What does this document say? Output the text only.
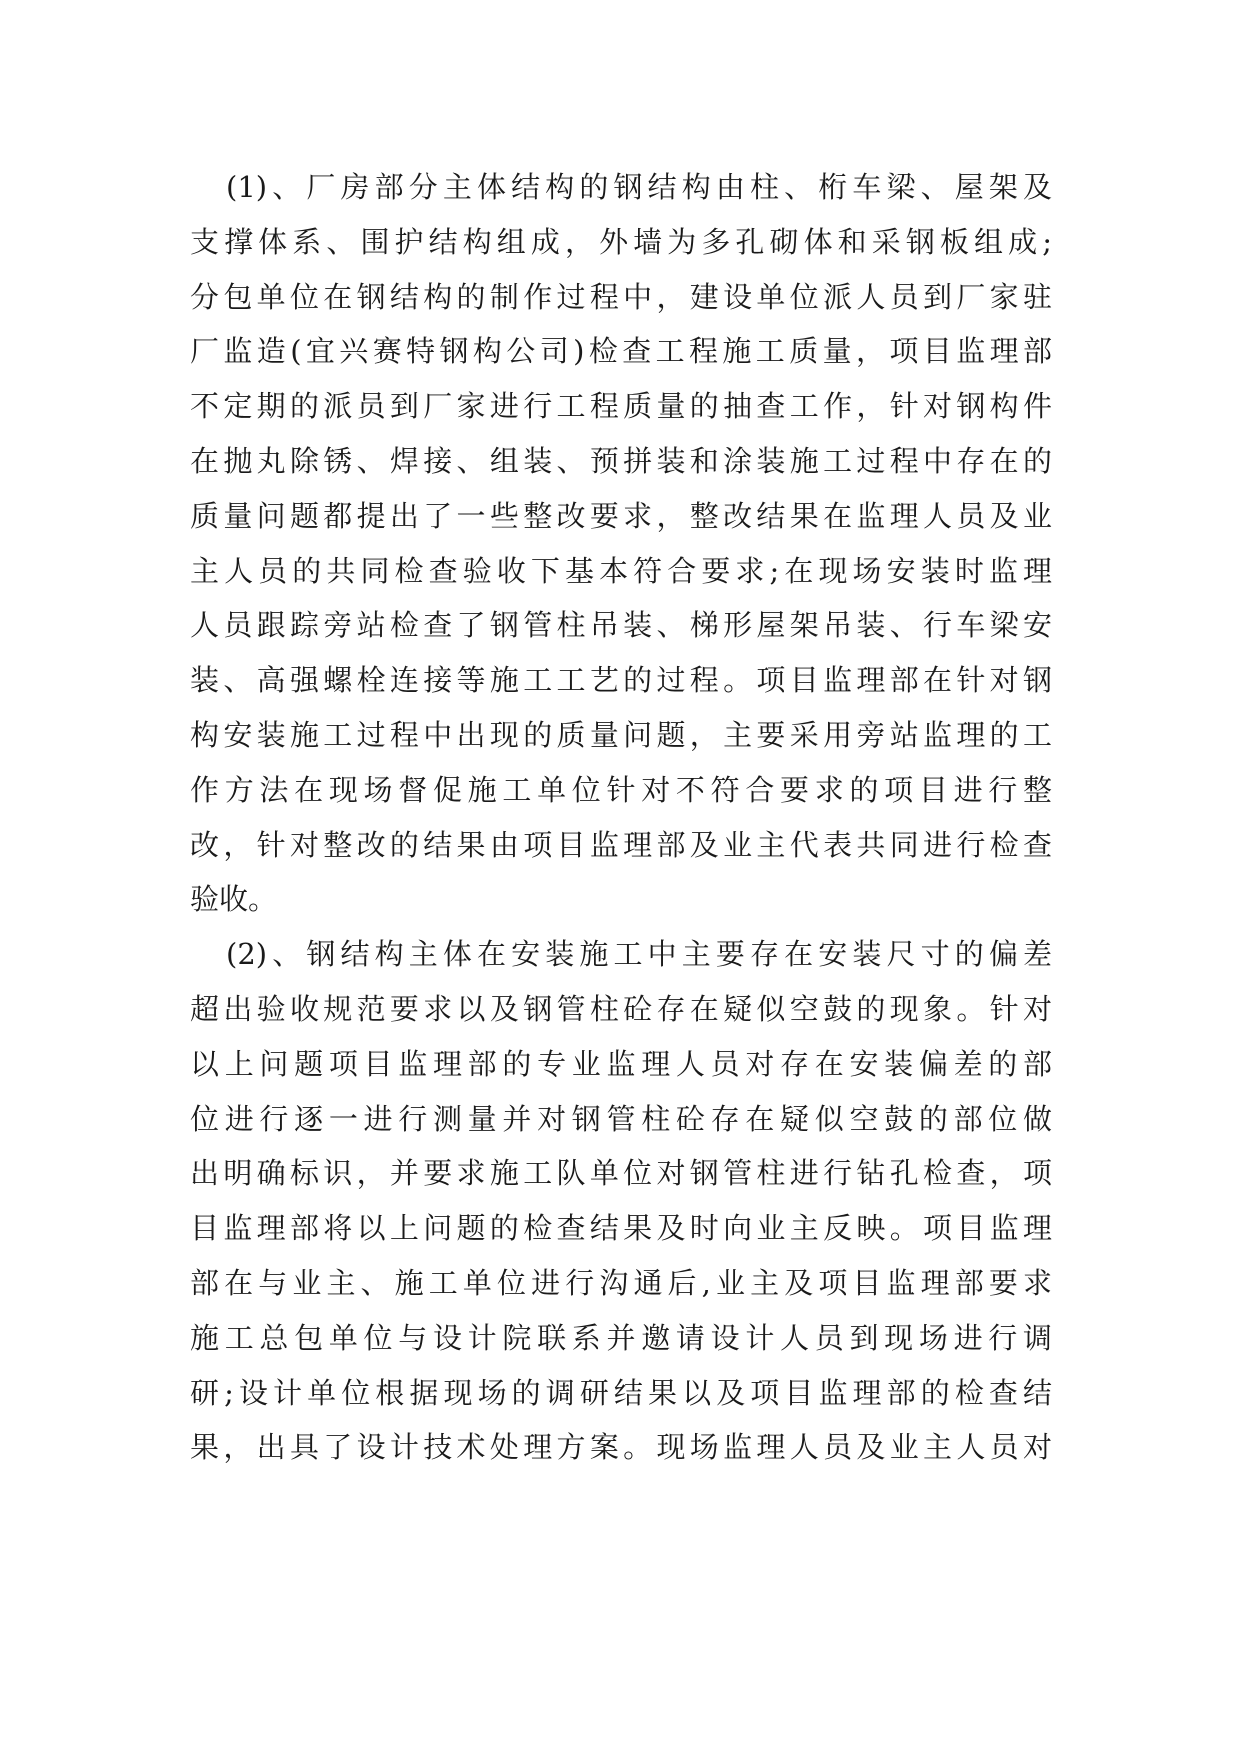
(1)、厂房部分主体结构的钢结构由柱、桁车梁、屋架及
支撑体系、围护结构组成，外墙为多孔砌体和采钢板组成;
分包单位在钢结构的制作过程中，建设单位派人员到厂家驻
厂监造(宜兴赛特钢构公司)检查工程施工质量，项目监理部
不定期的派员到厂家进行工程质量的抽查工作，针对钢构件
在抛丸除锈、焊接、组装、预拼装和涂装施工过程中存在的
质量问题都提出了一些整改要求，整改结果在监理人员及业
主人员的共同检查验收下基本符合要求;在现场安装时监理
人员跟踪旁站检查了钢管柱吊装、梯形屋架吊装、行车梁安
装、高强螺栓连接等施工工艺的过程。项目监理部在针对钢
构安装施工过程中出现的质量问题，主要采用旁站监理的工
作方法在现场督促施工单位针对不符合要求的项目进行整
改，针对整改的结果由项目监理部及业主代表共同进行检查
验收。
(2)、钢结构主体在安装施工中主要存在安装尺寸的偏差
超出验收规范要求以及钢管柱砼存在疑似空鼓的现象。针对
以上问题项目监理部的专业监理人员对存在安装偏差的部
位进行逐一进行测量并对钢管柱砼存在疑似空鼓的部位做
出明确标识，并要求施工队单位对钢管柱进行钻孔检查，项
目监理部将以上问题的检查结果及时向业主反映。项目监理
部在与业主、施工单位进行沟通后,业主及项目监理部要求
施工总包单位与设计院联系并邀请设计人员到现场进行调
研;设计单位根据现场的调研结果以及项目监理部的检查结
果，出具了设计技术处理方案。现场监理人员及业主人员对
